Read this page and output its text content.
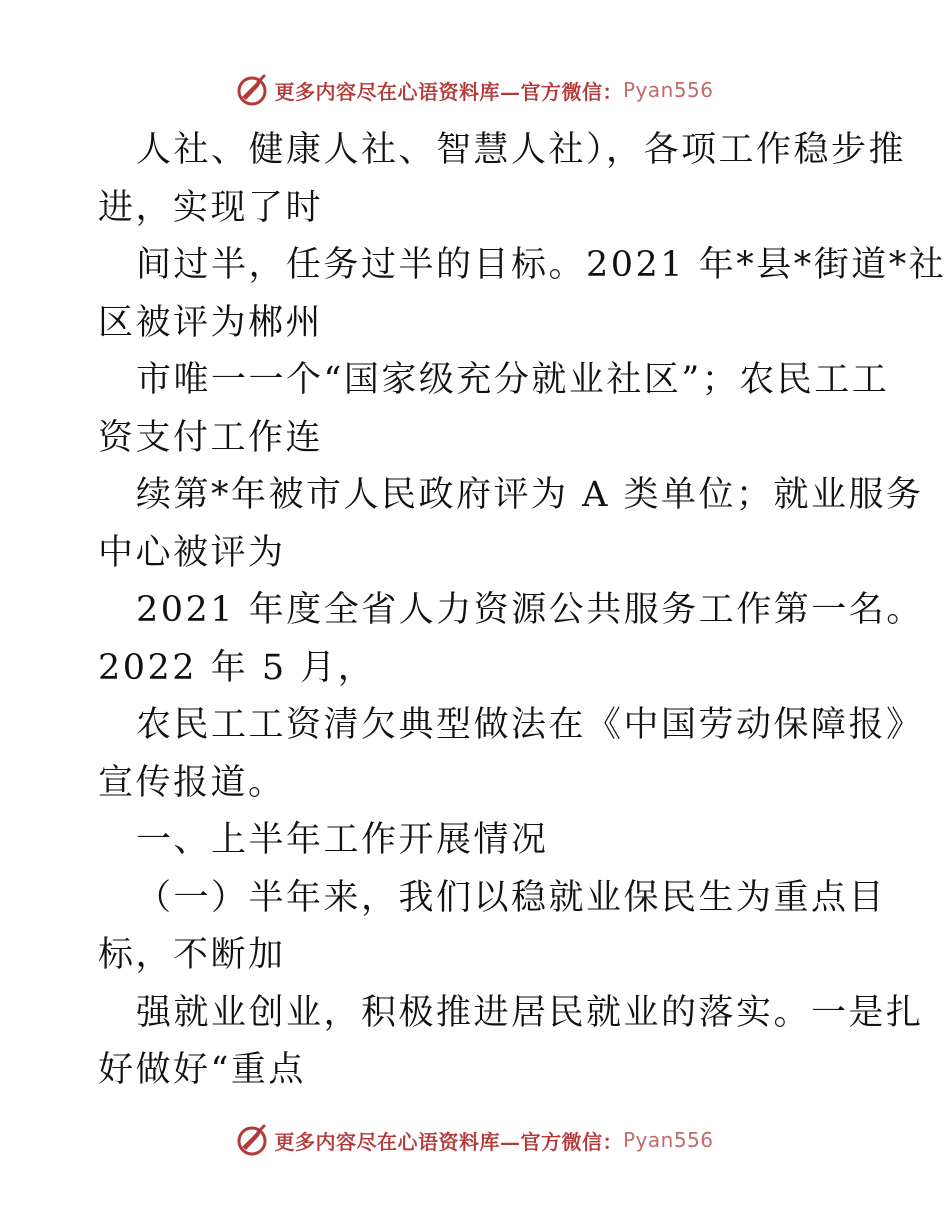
更多内容尽在心语资料库—官方微信： Pyan556
人社、健康人社、智慧人社），各项工作稳步推
进，实现了时
间过半，任务过半的目标。2021 年*县*街道*社
区被评为郴州
市唯一一个“国家级充分就业社区”；农民工工
资支付工作连
续第*年被市人民政府评为 A 类单位；就业服务
中心被评为
2021 年度全省人力资源公共服务工作第一名。
2022 年 5 月，
农民工工资清欠典型做法在《中国劳动保障报》
宣传报道。
一、上半年工作开展情况
（一）半年来，我们以稳就业保民生为重点目
标，不断加
强就业创业，积极推进居民就业的落实。一是扎
好做好“重点
更多内容尽在心语资料库—官方微信： Pyan556
